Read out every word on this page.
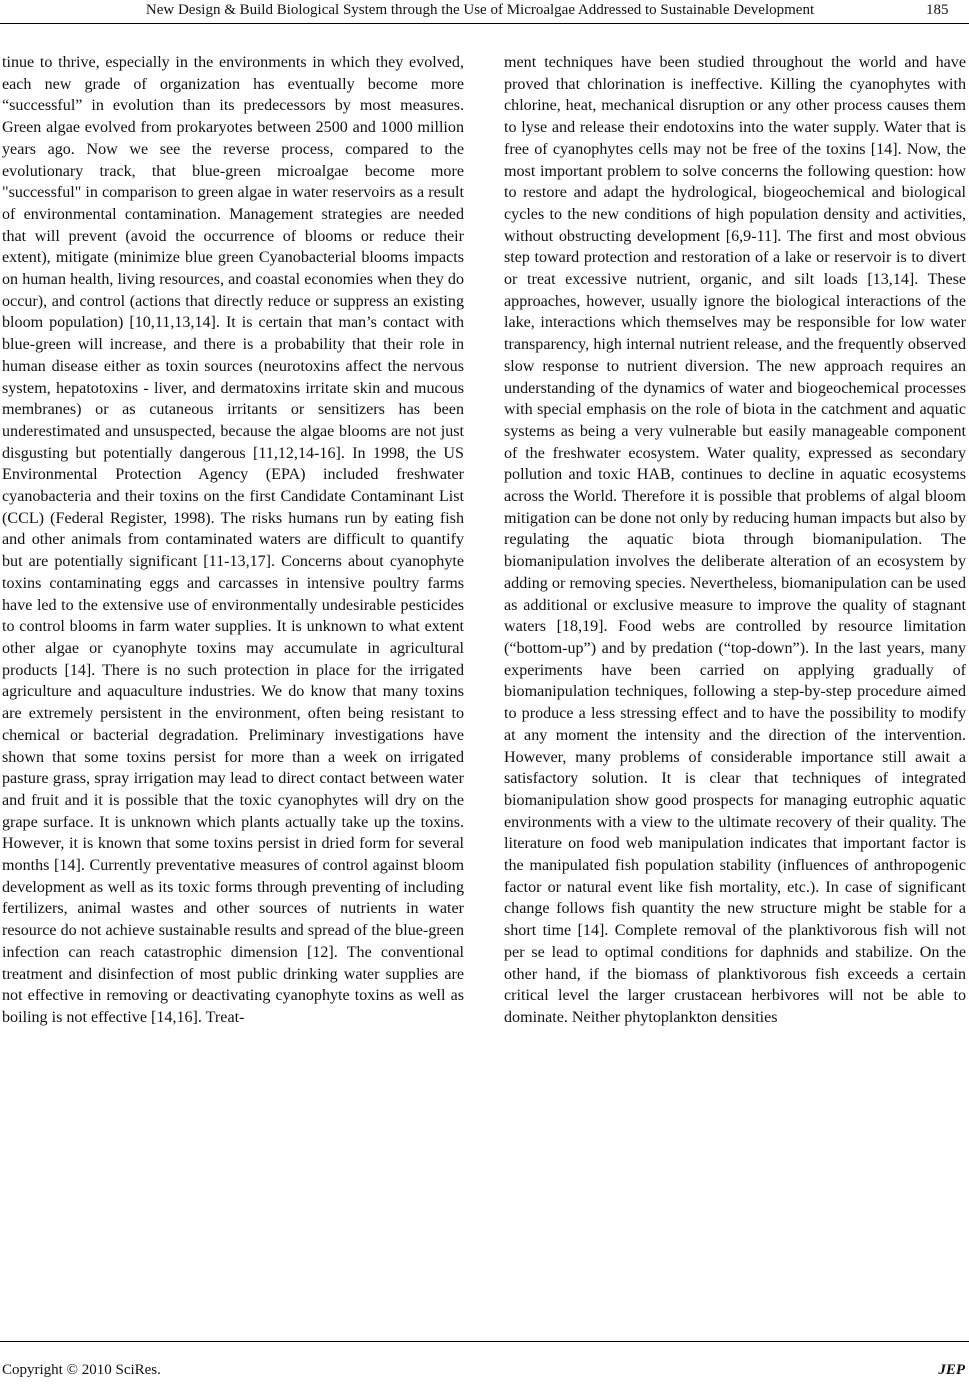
New Design & Build Biological System through the Use of Microalgae Addressed to Sustainable Development	185

tinue to thrive, especially in the environments in which they evolved, each new grade of organization has eventually become more “successful” in evolution than its predecessors by most measures. Green algae evolved from prokaryotes between 2500 and 1000 million years ago. Now we see the reverse process, compared to the evolutionary track, that blue-green microalgae become more "successful" in comparison to green algae in water reservoirs as a result of environmental contamination. Management strategies are needed that will prevent (avoid the occurrence of blooms or reduce their extent), mitigate (minimize blue green Cyanobacterial blooms impacts on human health, living resources, and coastal economies when they do occur), and control (actions that directly reduce or suppress an existing bloom population) [10,11,13,14]. It is certain that man’s contact with blue-green will increase, and there is a probability that their role in human disease either as toxin sources (neurotoxins affect the nervous system, hepatotoxins - liver, and dermatoxins irritate skin and mucous membranes) or as cutaneous irritants or sensitizers has been underestimated and unsuspected, because the algae blooms are not just disgusting but potentially dangerous [11,12,14-16]. In 1998, the US Environmental Protection Agency (EPA) included freshwater cyanobacteria and their toxins on the first Candidate Contaminant List (CCL) (Federal Register, 1998). The risks humans run by eating fish and other animals from contaminated waters are difficult to quantify but are potentially significant [11-13,17]. Concerns about cyanophyte toxins contaminating eggs and carcasses in intensive poultry farms have led to the extensive use of environmentally undesirable pesticides to control blooms in farm water supplies. It is unknown to what extent other algae or cyanophyte toxins may accumulate in agricultural products [14]. There is no such protection in place for the irrigated agriculture and aquaculture industries. We do know that many toxins are extremely persistent in the environment, often being resistant to chemical or bacterial degradation. Preliminary investigations have shown that some toxins persist for more than a week on irrigated pasture grass, spray irrigation may lead to direct contact between water and fruit and it is possible that the toxic cyanophytes will dry on the grape surface. It is unknown which plants actually take up the toxins. However, it is known that some toxins persist in dried form for several months [14]. Currently preventative measures of control against bloom development as well as its toxic forms through preventing of including fertilizers, animal wastes and other sources of nutrients in water resource do not achieve sustainable results and spread of the blue-green infection can reach catastrophic dimension [12]. The conventional treatment and disinfection of most public drinking water supplies are not effective in removing or deactivating cyanophyte toxins as well as boiling is not effective [14,16]. Treat-

ment techniques have been studied throughout the world and have proved that chlorination is ineffective. Killing the cyanophytes with chlorine, heat, mechanical disruption or any other process causes them to lyse and release their endotoxins into the water supply. Water that is free of cyanophytes cells may not be free of the toxins [14]. Now, the most important problem to solve concerns the following question: how to restore and adapt the hydrological, biogeochemical and biological cycles to the new conditions of high population density and activities, without obstructing development [6,9-11]. The first and most obvious step toward protection and restoration of a lake or reservoir is to divert or treat excessive nutrient, organic, and silt loads [13,14]. These approaches, however, usually ignore the biological interactions of the lake, interactions which themselves may be responsible for low water transparency, high internal nutrient release, and the frequently observed slow response to nutrient diversion. The new approach requires an understanding of the dynamics of water and biogeochemical processes with special emphasis on the role of biota in the catchment and aquatic systems as being a very vulnerable but easily manageable component of the freshwater ecosystem. Water quality, expressed as secondary pollution and toxic HAB, continues to decline in aquatic ecosystems across the World. Therefore it is possible that problems of algal bloom mitigation can be done not only by reducing human impacts but also by regulating the aquatic biota through biomanipulation. The biomanipulation involves the deliberate alteration of an ecosystem by adding or removing species. Nevertheless, biomanipulation can be used as additional or exclusive measure to improve the quality of stagnant waters [18,19]. Food webs are controlled by resource limitation (“bottom-up”) and by predation (“top-down”). In the last years, many experiments have been carried on applying gradually of biomanipulation techniques, following a step-by-step procedure aimed to produce a less stressing effect and to have the possibility to modify at any moment the intensity and the direction of the intervention. However, many problems of considerable importance still await a satisfactory solution. It is clear that techniques of integrated biomanipulation show good prospects for managing eutrophic aquatic environments with a view to the ultimate recovery of their quality. The literature on food web manipulation indicates that important factor is the manipulated fish population stability (influences of anthropogenic factor or natural event like fish mortality, etc.). In case of significant change follows fish quantity the new structure might be stable for a short time [14]. Complete removal of the planktivorous fish will not per se lead to optimal conditions for daphnids and stabilize. On the other hand, if the biomass of planktivorous fish exceeds a certain critical level the larger crustacean herbivores will not be able to dominate. Neither phytoplankton densities

Copyright © 2010 SciRes.	JEP
